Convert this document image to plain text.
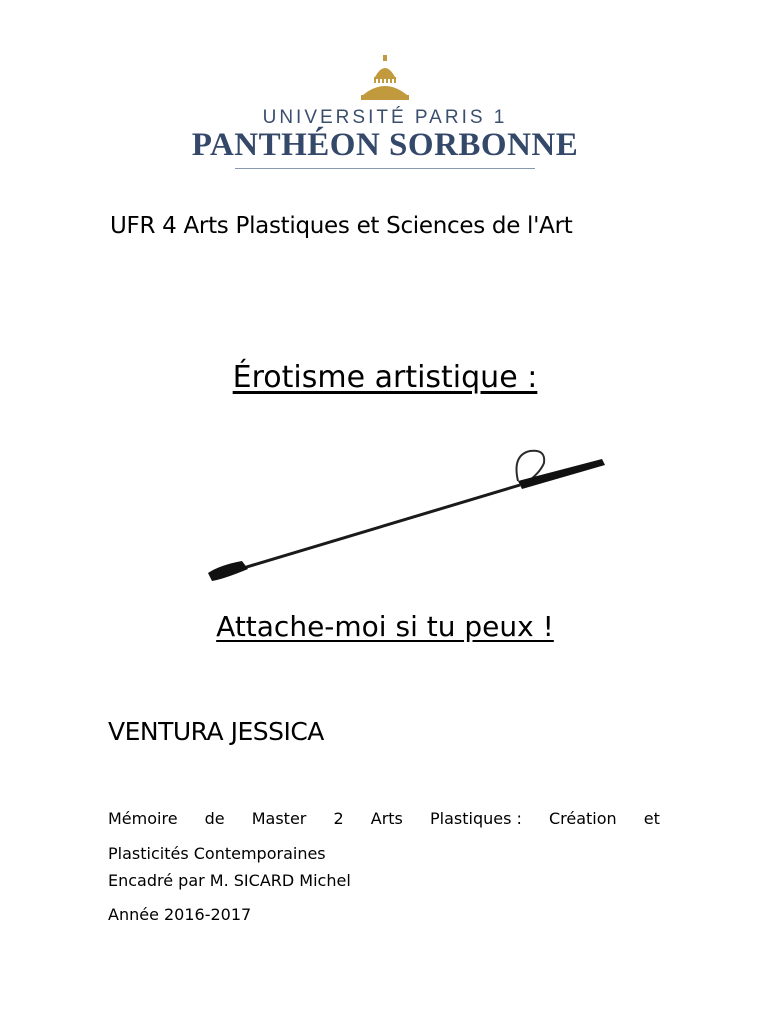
UNIVERSITÉ PARIS 1
PANTHÉON SORBONNE
UFR 4 Arts Plastiques et Sciences de l'Art
Érotisme artistique :
Attache-moi si tu peux !
VENTURA JESSICA
Mémoire de Master 2 Arts Plastiques : Création et
Plasticités Contemporaines
Encadré par M. SICARD Michel
Année 2016-2017
